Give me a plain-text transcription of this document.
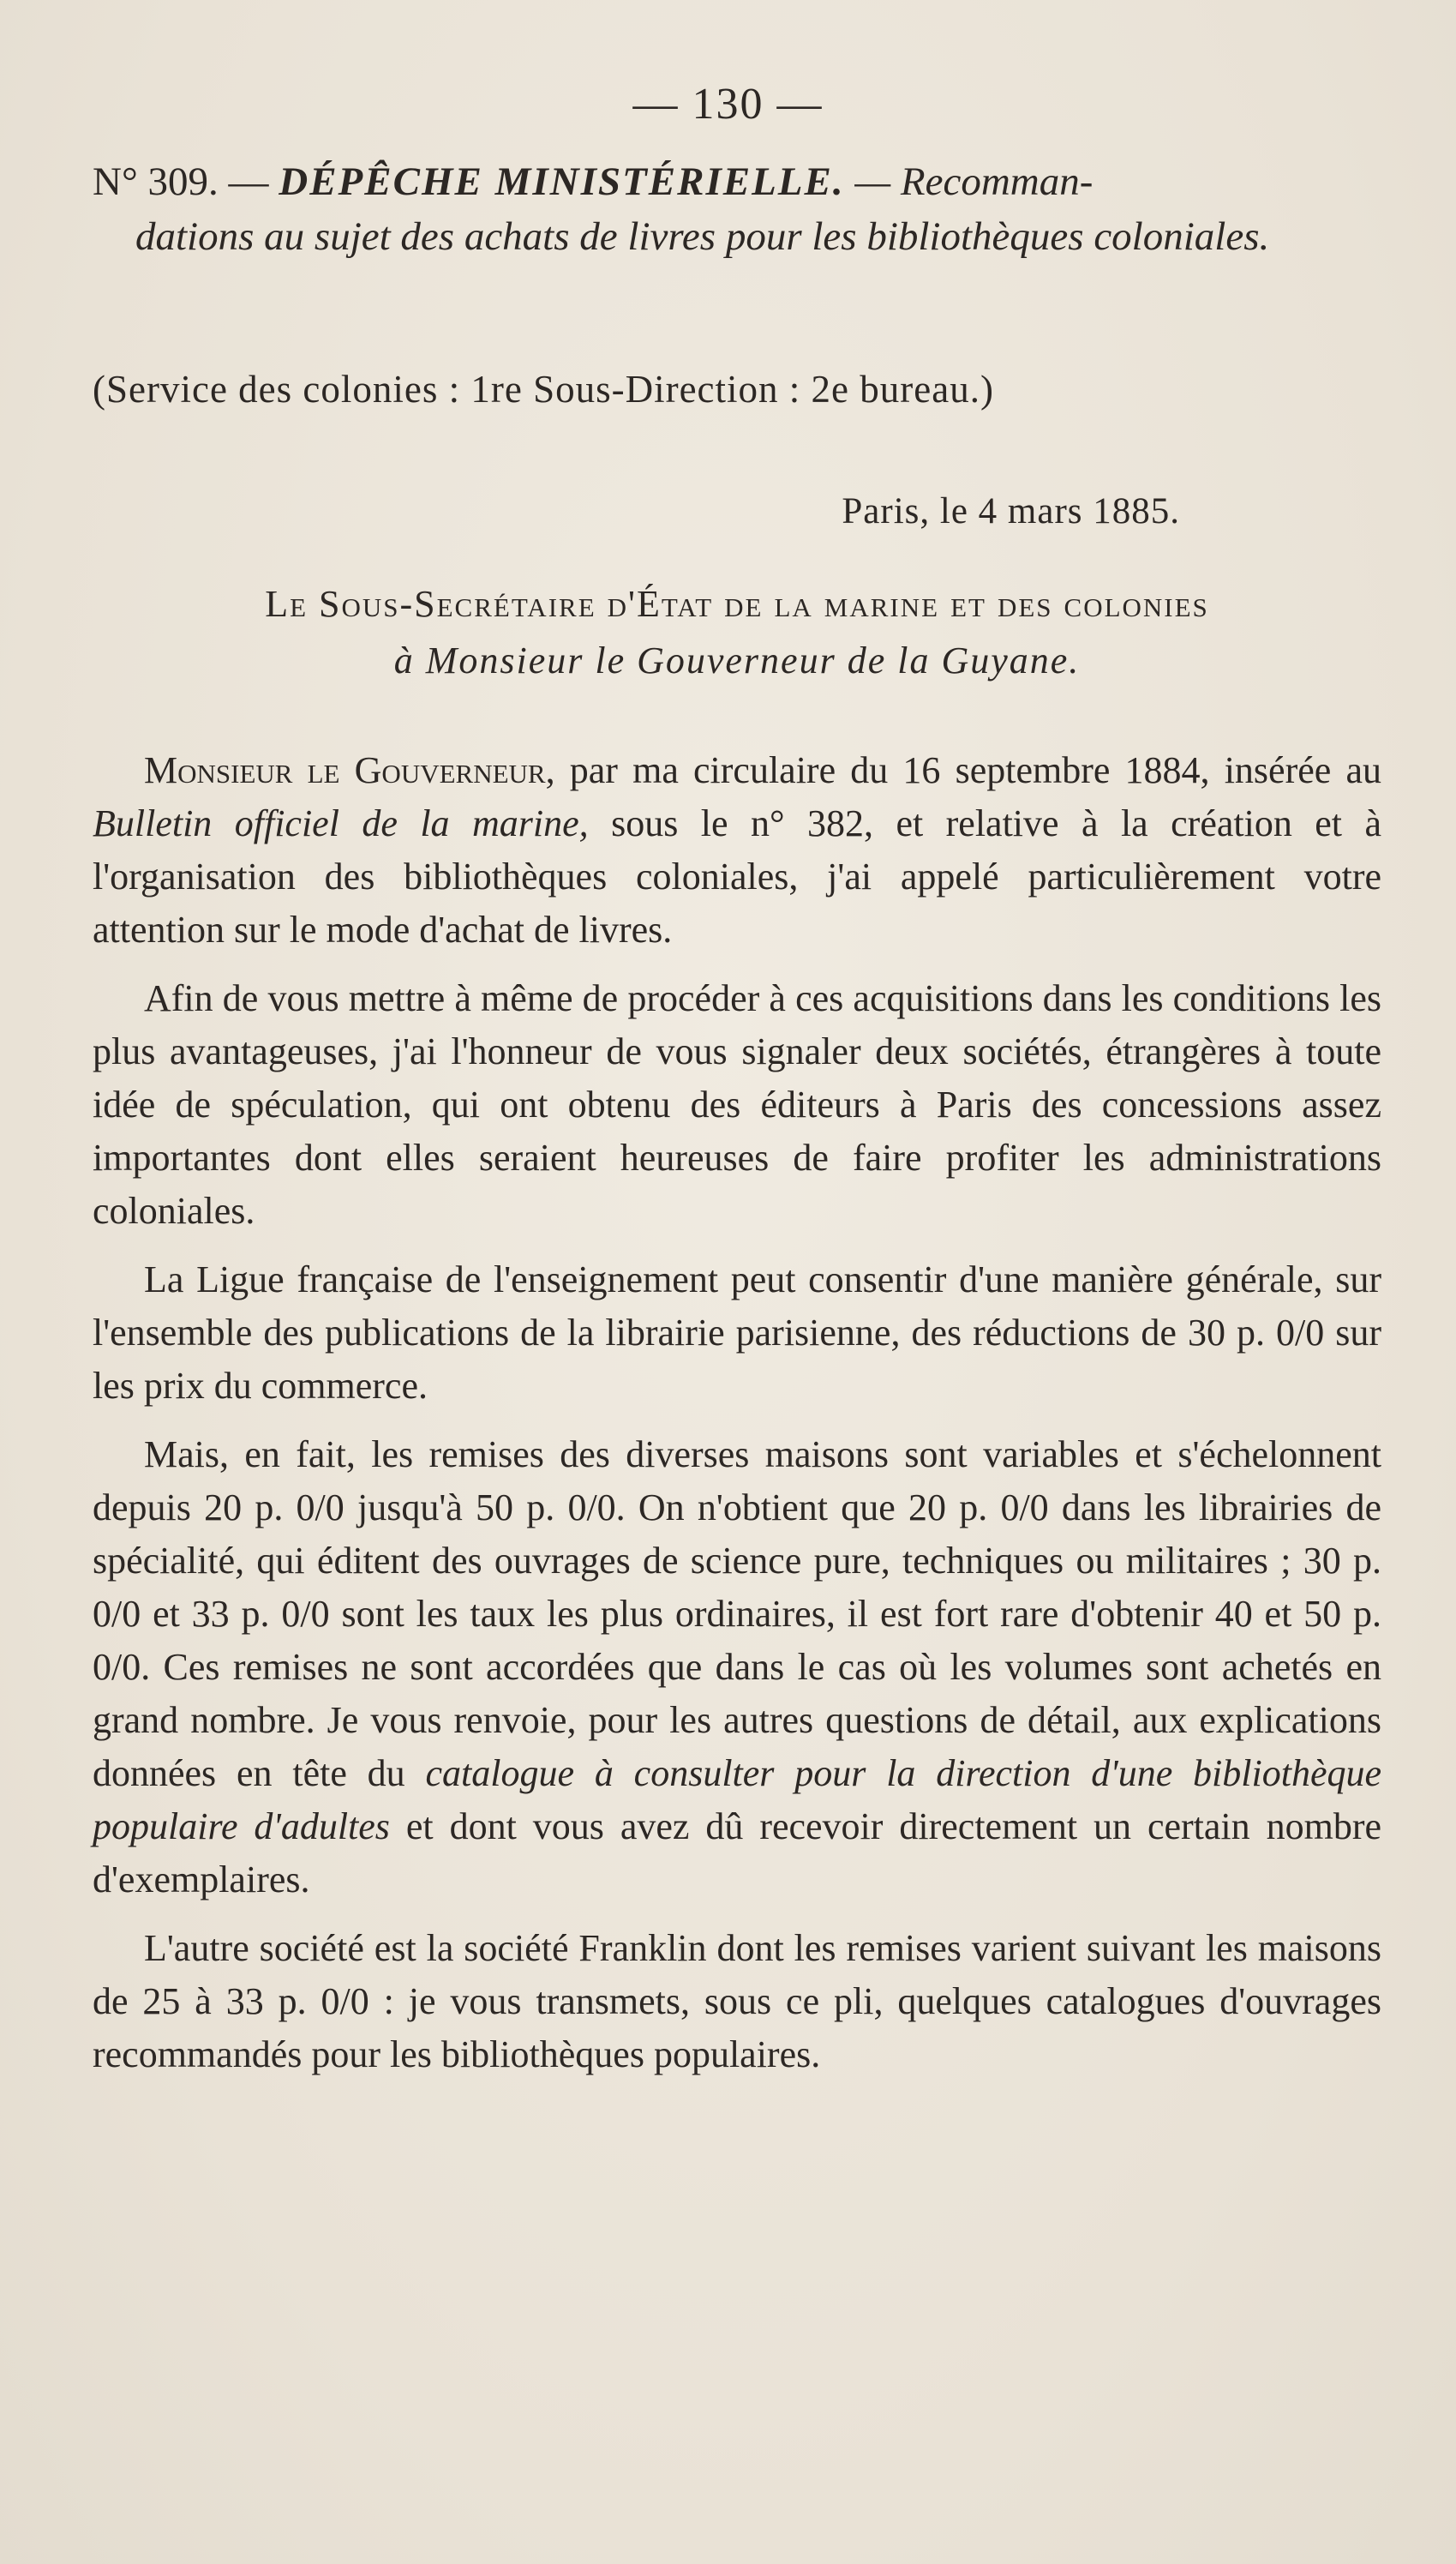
— 130 —
N° 309. — DÉPÊCHE MINISTÉRIELLE. — Recomman-
dations au sujet des achats de livres pour les bibliothèques coloniales.
(Service des colonies : 1re Sous-Direction : 2e bureau.)
Paris, le 4 mars 1885.
Le Sous-Secrétaire d'État de la marine et des colonies
à Monsieur le Gouverneur de la Guyane.

Monsieur le Gouverneur, par ma circulaire du 16 septembre 1884, insérée au Bulletin officiel de la marine, sous le n° 382, et relative à la création et à l'organisation des bibliothèques coloniales, j'ai appelé particulièrement votre attention sur le mode d'achat de livres.

Afin de vous mettre à même de procéder à ces acquisitions dans les conditions les plus avantageuses, j'ai l'honneur de vous signaler deux sociétés, étrangères à toute idée de spéculation, qui ont obtenu des éditeurs à Paris des concessions assez importantes dont elles seraient heureuses de faire profiter les administrations coloniales.

La Ligue française de l'enseignement peut consentir d'une manière générale, sur l'ensemble des publications de la librairie parisienne, des réductions de 30 p. 0/0 sur les prix du commerce.

Mais, en fait, les remises des diverses maisons sont variables et s'échelonnent depuis 20 p. 0/0 jusqu'à 50 p. 0/0. On n'obtient que 20 p. 0/0 dans les librairies de spécialité, qui éditent des ouvrages de science pure, techniques ou militaires ; 30 p. 0/0 et 33 p. 0/0 sont les taux les plus ordinaires, il est fort rare d'obtenir 40 et 50 p. 0/0. Ces remises ne sont accordées que dans le cas où les volumes sont achetés en grand nombre. Je vous renvoie, pour les autres questions de détail, aux explications données en tête du catalogue à consulter pour la direction d'une bibliothèque populaire d'adultes et dont vous avez dû recevoir directement un certain nombre d'exemplaires.

L'autre société est la société Franklin dont les remises varient suivant les maisons de 25 à 33 p. 0/0 : je vous transmets, sous ce pli, quelques catalogues d'ouvrages recommandés pour les bibliothèques populaires.
